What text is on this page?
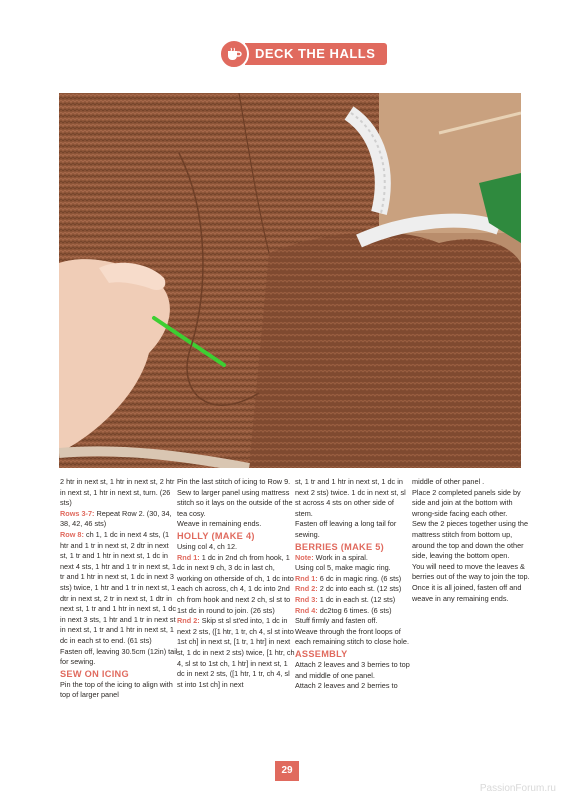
DECK THE HALLS

2 htr in next st, 1 htr in next st, 2 htr in next st, 1 htr in next st, turn. (26 sts)

Rows 3-7: Repeat Row 2. (30, 34, 38, 42, 46 sts)

Row 8: ch 1, 1 dc in next 4 sts, (1 htr and 1 tr in next st, 2 dtr in next st, 1 tr and 1 htr in next st, 1 dc in next 4 sts, 1 htr and 1 tr in next st, 1 tr and 1 htr in next st, 1 dc in next 3 sts) twice, 1 htr and 1 tr in next st, 1 dtr in next st, 2 tr in next st, 1 dtr in next st, 1 tr and 1 htr in next st, 1 dc in next 3 sts, 1 htr and 1 tr in next st in next st, 1 tr and 1 htr in next st, 1 dc in each st to end. (61 sts)

Fasten off, leaving 30.5cm (12in) tail for sewing.

SEW ON ICING

Pin the top of the icing to align with top of larger panel

Pin the last stitch of icing to Row 9.

Sew to larger panel using mattress stitch so it lays on the outside of the tea cosy.

Weave in remaining ends.

HOLLY (MAKE 4)

Using col 4, ch 12.

Rnd 1: 1 dc in 2nd ch from hook, 1 dc in next 9 ch, 3 dc in last ch, working on otherside of ch, 1 dc into each ch across, ch 4, 1 dc into 2nd ch from hook and next 2 ch, sl st to 1st dc in round to join. (26 sts)

Rnd 2: Skip st sl st'ed into, 1 dc in next 2 sts, ([1 htr, 1 tr, ch 4, sl st into 1st ch] in next st, [1 tr, 1 htr] in next st, 1 dc in next 2 sts) twice, [1 htr, ch 4, sl st to 1st ch, 1 htr] in next st, 1 dc in next 2 sts, ([1 htr, 1 tr, ch 4, sl st into 1st ch] in next

st, 1 tr and 1 htr in next st, 1 dc in next 2 sts) twice. 1 dc in next st, sl st across 4 sts on other side of stem.

Fasten off leaving a long tail for sewing.

BERRIES (MAKE 5)

Note: Work in a spiral.

Using col 5, make magic ring.

Rnd 1: 6 dc in magic ring. (6 sts)

Rnd 2: 2 dc into each st. (12 sts)

Rnd 3: 1 dc in each st. (12 sts)

Rnd 4: dc2tog 6 times. (6 sts)

Stuff firmly and fasten off.

Weave through the front loops of each remaining stitch to close hole.

ASSEMBLY

Attach 2 leaves and 3 berries to top and middle of one panel.

Attach 2 leaves and 2 berries to

middle of other panel .

Place 2 completed panels side by side and join at the bottom with wrong-side facing each other.

Sew the 2 pieces together using the mattress stitch from bottom up, around the top and down the other side, leaving the bottom open.

You will need to move the leaves & berries out of the way to join the top.

Once it is all joined, fasten off and weave in any remaining ends.

29
PassionForum.ru
